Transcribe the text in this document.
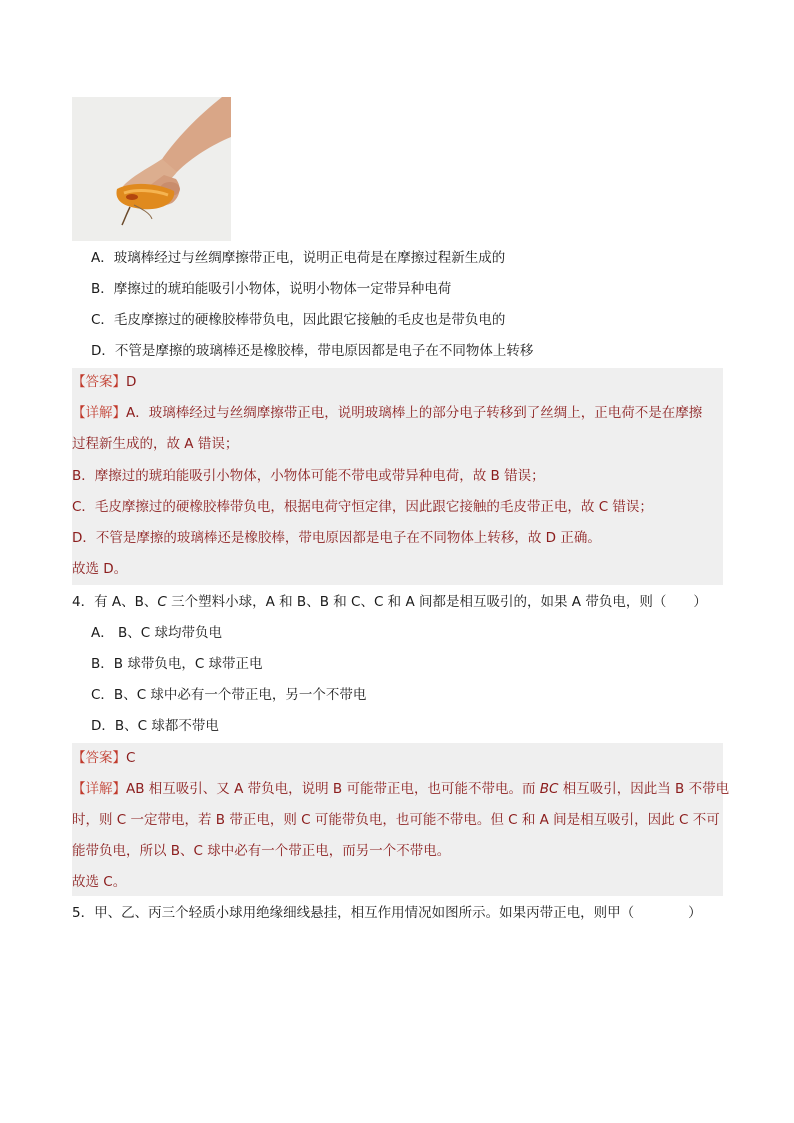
A．玻璃棒经过与丝绸摩擦带正电，说明正电荷是在摩擦过程新生成的
B．摩擦过的琥珀能吸引小物体，说明小物体一定带异种电荷
C．毛皮摩擦过的硬橡胶棒带负电，因此跟它接触的毛皮也是带负电的
D．不管是摩擦的玻璃棒还是橡胶棒，带电原因都是电子在不同物体上转移
【答案】D
【详解】A．玻璃棒经过与丝绸摩擦带正电，说明玻璃棒上的部分电子转移到了丝绸上，正电荷不是在摩擦
过程新生成的，故 A 错误；
B．摩擦过的琥珀能吸引小物体，小物体可能不带电或带异种电荷，故 B 错误；
C．毛皮摩擦过的硬橡胶棒带负电，根据电荷守恒定律，因此跟它接触的毛皮带正电，故 C 错误；
D．不管是摩擦的玻璃棒还是橡胶棒，带电原因都是电子在不同物体上转移，故 D 正确。
故选 D。
4．有 A、B、C 三个塑料小球，A 和 B、B 和 C、C 和 A 间都是相互吸引的，如果 A 带负电，则（　　）
A． B、C 球均带负电
B．B 球带负电，C 球带正电
C．B、C 球中必有一个带正电，另一个不带电
D．B、C 球都不带电
【答案】C
【详解】AB 相互吸引、又 A 带负电，说明 B 可能带正电，也可能不带电。而 BC 相互吸引，因此当 B 不带电
时，则 C 一定带电，若 B 带正电，则 C 可能带负电，也可能不带电。但 C 和 A 间是相互吸引，因此 C 不可
能带负电，所以 B、C 球中必有一个带正电，而另一个不带电。
故选 C。
5．甲、乙、丙三个轻质小球用绝缘细线悬挂，相互作用情况如图所示。如果丙带正电，则甲（　　　　）
